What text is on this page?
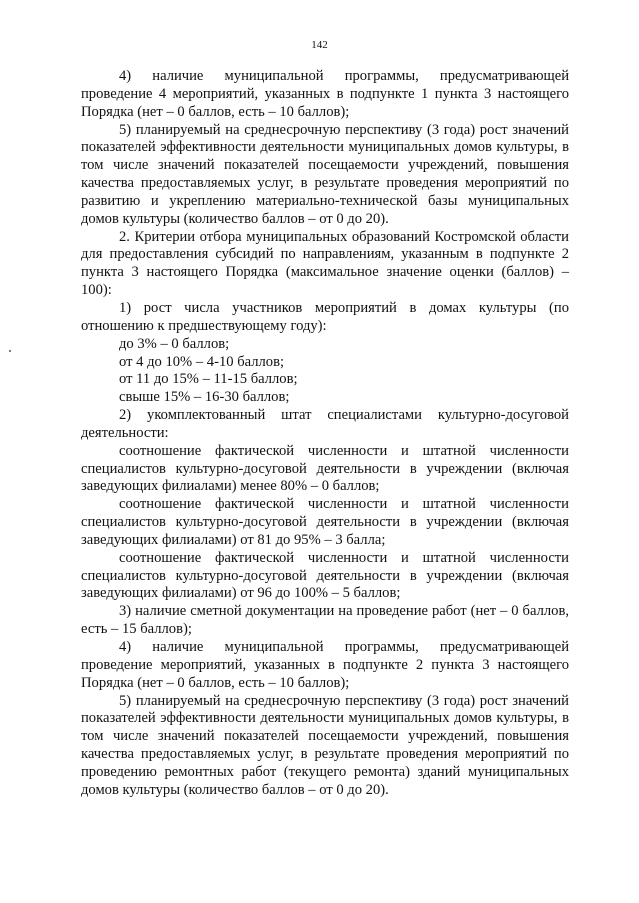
142

4) наличие муниципальной программы, предусматривающей проведение 4 мероприятий, указанных в подпункте 1 пункта 3 настоящего Порядка (нет – 0 баллов, есть – 10 баллов);

5) планируемый на среднесрочную перспективу (3 года) рост значений показателей эффективности деятельности муниципальных домов культуры, в том числе значений показателей посещаемости учреждений, повышения качества предоставляемых услуг, в результате проведения мероприятий по развитию и укреплению материально-технической базы муниципальных домов культуры (количество баллов – от 0 до 20).

2. Критерии отбора муниципальных образований Костромской области для предоставления субсидий по направлениям, указанным в подпункте 2 пункта 3 настоящего Порядка (максимальное значение оценки (баллов) – 100):

1) рост числа участников мероприятий в домах культуры (по отношению к предшествующему году):

до 3% – 0 баллов;

от 4 до 10% – 4-10 баллов;

от 11 до 15% – 11-15 баллов;

свыше 15% – 16-30 баллов;

2) укомплектованный штат специалистами культурно-досуговой деятельности:

соотношение фактической численности и штатной численности специалистов культурно-досуговой деятельности в учреждении (включая заведующих филиалами) менее 80% – 0 баллов;

соотношение фактической численности и штатной численности специалистов культурно-досуговой деятельности в учреждении (включая заведующих филиалами) от 81 до 95% – 3 балла;

соотношение фактической численности и штатной численности специалистов культурно-досуговой деятельности в учреждении (включая заведующих филиалами) от 96 до 100% – 5 баллов;

3) наличие сметной документации на проведение работ (нет – 0 баллов, есть – 15 баллов);

4) наличие муниципальной программы, предусматривающей проведение мероприятий, указанных в подпункте 2 пункта 3 настоящего Порядка (нет – 0 баллов, есть – 10 баллов);

5) планируемый на среднесрочную перспективу (3 года) рост значений показателей эффективности деятельности муниципальных домов культуры, в том числе значений показателей посещаемости учреждений, повышения качества предоставляемых услуг, в результате проведения мероприятий по проведению ремонтных работ (текущего ремонта) зданий муниципальных домов культуры (количество баллов – от 0 до 20).
